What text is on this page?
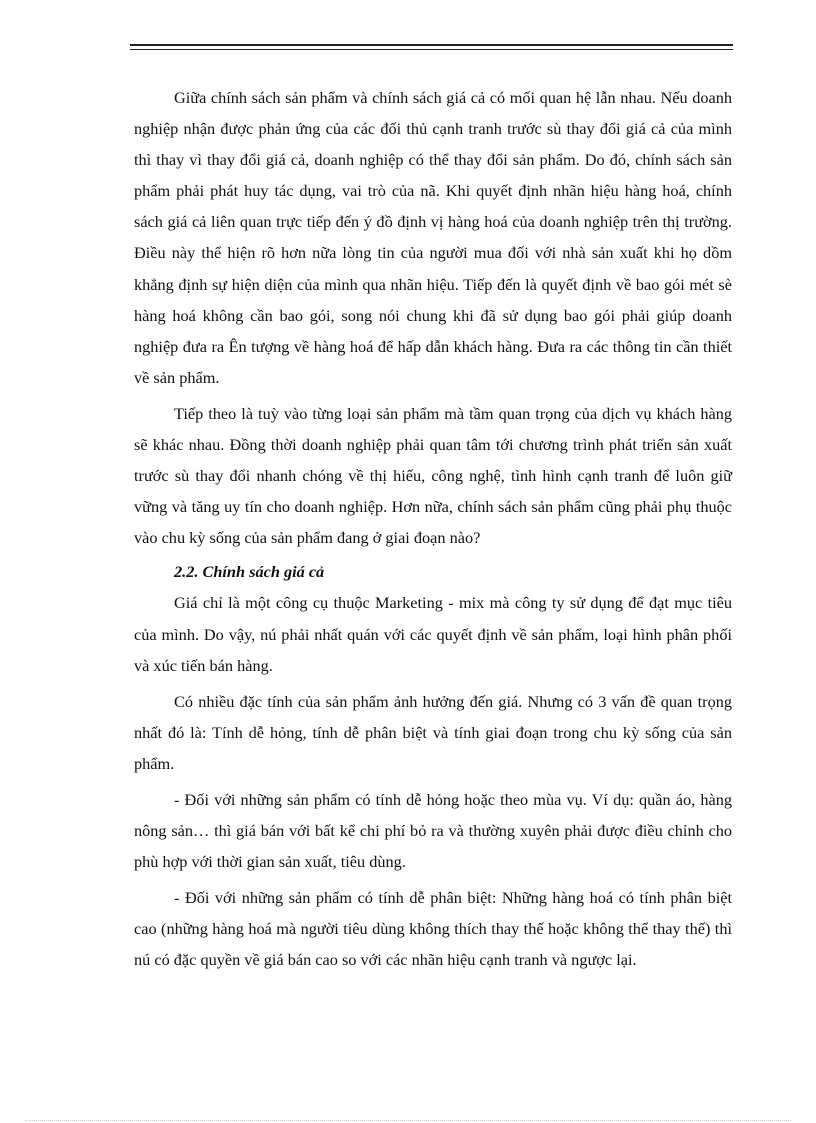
Giữa chính sách sản phẩm và chính sách giá cả có mối quan hệ lẫn nhau. Nếu doanh nghiệp nhận được phản ứng của các đối thủ cạnh tranh trước sù thay đổi giá cả của mình thì thay vì thay đổi giá cả, doanh nghiệp có thể thay đổi sản phẩm. Do đó, chính sách sản phẩm phải phát huy tác dụng, vai trò của nã. Khi quyết định nhãn hiệu hàng hoá, chính sách giá cả liên quan trực tiếp đến ý đồ định vị hàng hoá của doanh nghiệp trên thị trường. Điều này thể hiện rõ hơn nữa lòng tin của người mua đối với nhà sản xuất khi họ dồm khẳng định sự hiện diện của mình qua nhãn hiệu. Tiếp đến là quyết định về bao gói mét sè hàng hoá không cần bao gói, song nói chung khi đã sử dụng bao gói phải giúp doanh nghiệp đưa ra Ên tượng về hàng hoá để hấp dẫn khách hàng. Đưa ra các thông tin cần thiết về sản phẩm.

Tiếp theo là tuỳ vào từng loại sản phẩm mà tầm quan trọng của dịch vụ khách hàng sẽ khác nhau. Đồng thời doanh nghiệp phải quan tâm tới chương trình phát triển sản xuất trước sù thay đổi nhanh chóng về thị hiếu, công nghệ, tình hình cạnh tranh để luôn giữ vững và tăng uy tín cho doanh nghiệp. Hơn nữa, chính sách sản phẩm cũng phải phụ thuộc vào chu kỳ sống của sản phẩm đang ở giai đoạn nào?

2.2. Chính sách giá cả

Giá chỉ là một công cụ thuộc Marketing - mix mà công ty sử dụng để đạt mục tiêu của mình. Do vậy, nú phải nhất quán với các quyết định về sản phẩm, loại hình phân phối và xúc tiến bán hàng.

Có nhiều đặc tính của sản phẩm ảnh hưởng đến giá. Nhưng có 3 vấn đề quan trọng nhất đó là: Tính dễ hỏng, tính dễ phân biệt và tính giai đoạn trong chu kỳ sống của sản phẩm.

- Đối với những sản phẩm có tính dễ hỏng hoặc theo mùa vụ. Ví dụ: quần áo, hàng nông sản… thì giá bán với bất kể chi phí bỏ ra và thường xuyên phải được điều chỉnh cho phù hợp với thời gian sản xuất, tiêu dùng.

- Đối với những sản phẩm có tính dễ phân biệt: Những hàng hoá có tính phân biệt cao (những hàng hoá mà người tiêu dùng không thích thay thế hoặc không thể thay thế) thì nú có đặc quyền về giá bán cao so với các nhãn hiệu cạnh tranh và ngược lại.
